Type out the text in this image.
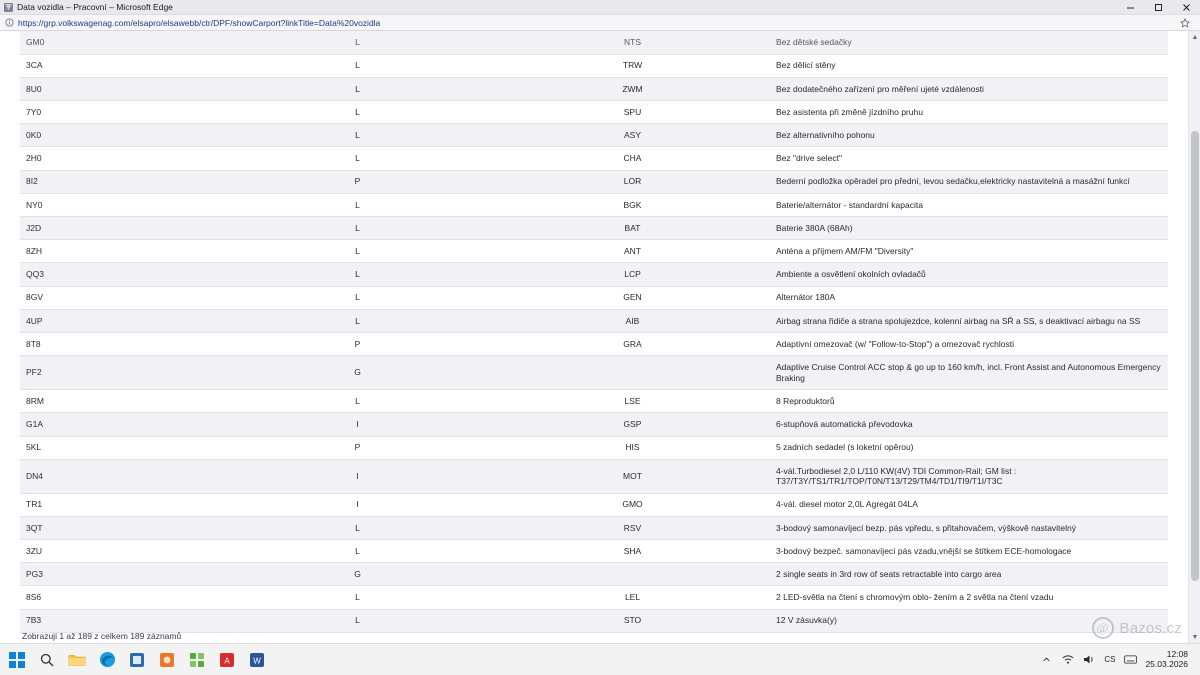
Data vozidla – Pracovní – Microsoft Edge
https://grp.volkswagenag.com/elsapro/elsawebb/ctr/DPF/showCarport?linkTitle=Data%20vozidla
GM0	L	NTS	Bez dětské sedačky
3CA	L	TRW	Bez dělicí stěny
8U0	L	ZWM	Bez dodatečného zařízení pro měření ujeté vzdálenosti
7Y0	L	SPU	Bez asistenta při změně jízdního pruhu
0K0	L	ASY	Bez alternativního pohonu
2H0	L	CHA	Bez "drive select"
8I2	P	LOR	Bederní podložka opěradel pro přední, levou sedačku,elektricky nastavitelná a masážní funkcí
NY0	L	BGK	Baterie/alternátor - standardní kapacita
J2D	L	BAT	Baterie 380A (68Ah)
8ZH	L	ANT	Anténa a příjmem AM/FM "Diversity"
QQ3	L	LCP	Ambiente a osvětlení okolních ovladačů
8GV	L	GEN	Alternátor 180A
4UP	L	AIB	Airbag strana řidiče a strana spolujezdce, kolenní airbag na SŘ a SS, s deaktivací airbagu na SS
8T8	P	GRA	Adaptivní omezovač (w/ "Follow-to-Stop") a omezovač rychlosti
PF2	G		Adaptive Cruise Control ACC stop & go up to 160 km/h, incl. Front Assist and Autonomous Emergency Braking
8RM	L	LSE	8 Reproduktorů
G1A	I	GSP	6-stupňová automatická převodovka
5KL	P	HIS	5 zadních sedadel (s loketní opěrou)
DN4	I	MOT	4-vál.Turbodiesel 2,0 L/110 KW(4V) TDI Common-Rail; GM list : T37/T3Y/TS1/TR1/TOP/T0N/T13/T29/TM4/TD1/TI9/T1I/T3C
TR1	I	GMO	4-vál. diesel motor 2,0L Agregát 04LA
3QT	L	RSV	3-bodový samonavíjecí bezp. pás vpředu, s přitahovačem, výškově nastavitelný
3ZU	L	SHA	3-bodový bezpeč. samonavíjecí pás vzadu,vnější se štítkem ECE-homologace
PG3	G		2 single seats in 3rd row of seats retractable into cargo area
8S6	L	LEL	2 LED-světla na čtení s chromovým oblo- žením a 2 světla na čtení vzadu
7B3	L	STO	12 V zásuvka(y)
Zobrazuji 1 až 189 z celkem 189 záznamů
▲
▼
@ Bazos.cz
A	W	CS
12:08
25.03.2026
